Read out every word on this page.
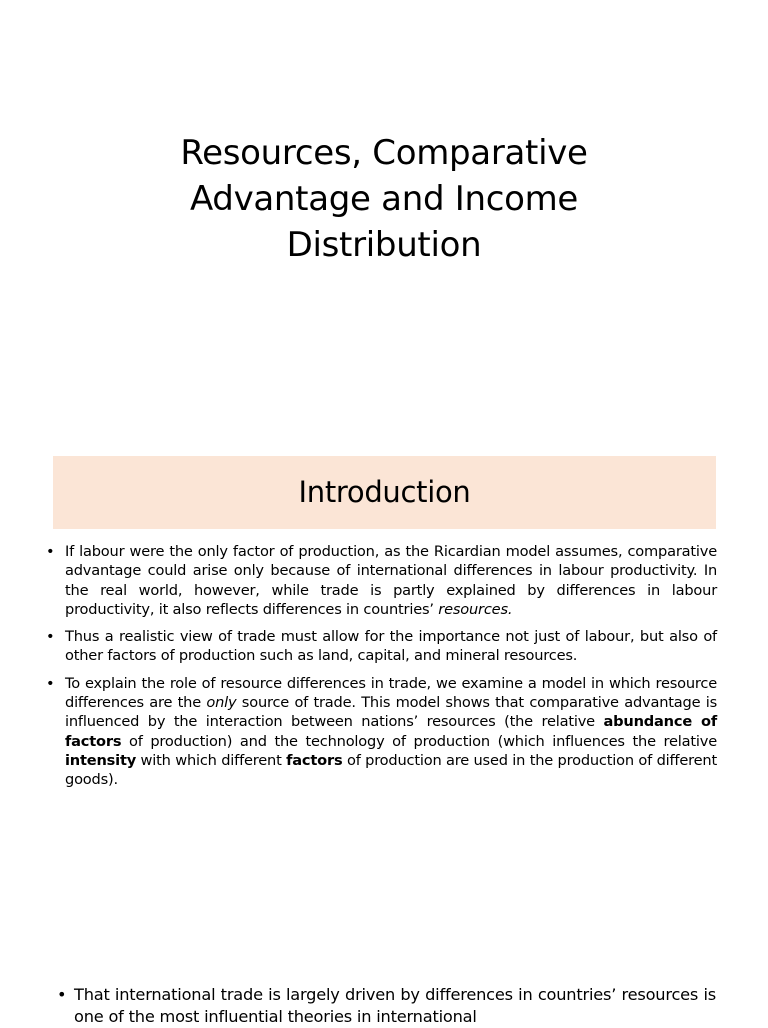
Resources, Comparative
Advantage and Income
Distribution
Introduction
• If labour were the only factor of production, as the Ricardian model assumes, comparative advantage could arise only because of international differences in labour productivity. In the real world, however, while trade is partly explained by differences in labour productivity, it also reflects differences in countries’ resources.
• Thus a realistic view of trade must allow for the importance not just of labour, but also of other factors of production such as land, capital, and mineral resources.
• To explain the role of resource differences in trade, we examine a model in which resource differences are the only source of trade. This model shows that comparative advantage is influenced by the interaction between nations’ resources (the relative abundance of factors of production) and the technology of production (which influences the relative intensity with which different factors of production are used in the production of different goods).

• That international trade is largely driven by differences in countries’ resources is one of the most influential theories in international
